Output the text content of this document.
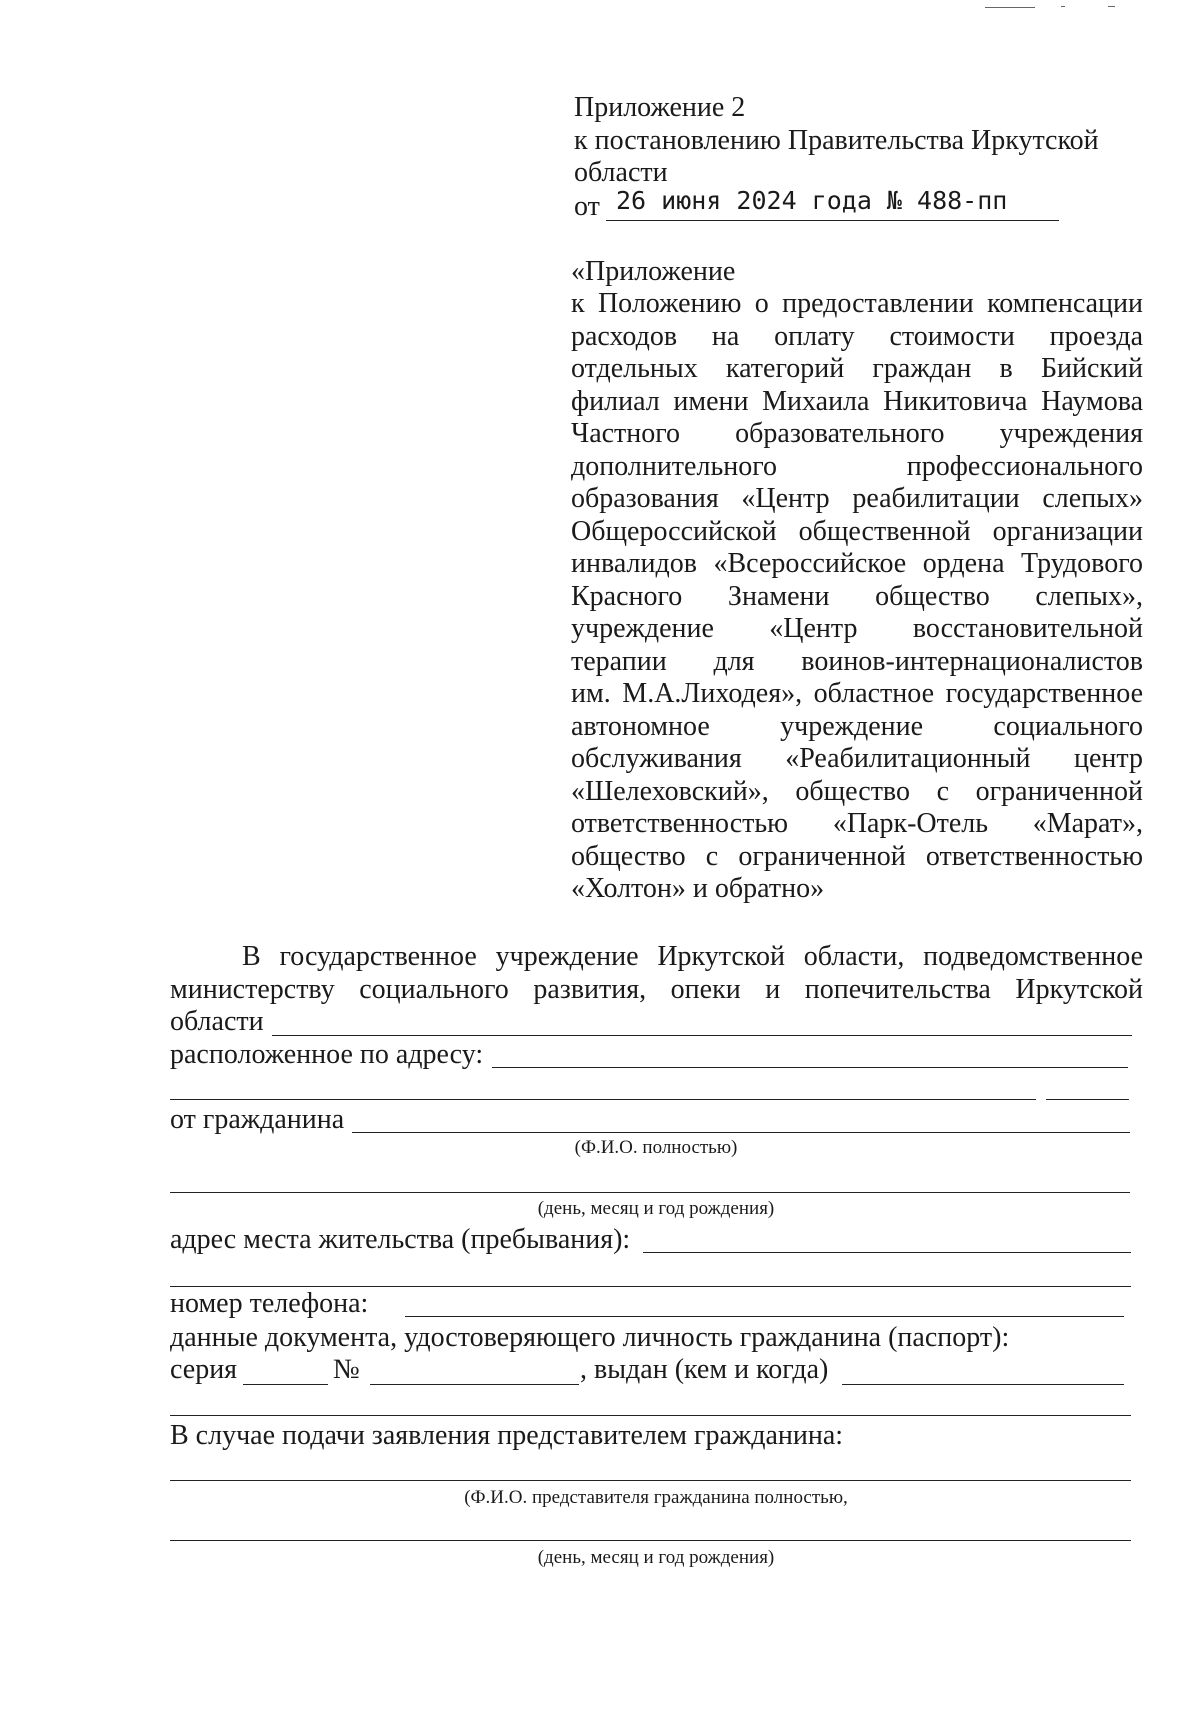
Приложение 2
к постановлению Правительства Иркутской
области
от 26 июня 2024 года № 488-пп
«Приложение
к Положению о предоставлении компенсации
расходов на оплату стоимости проезда
отдельных категорий граждан в Бийский
филиал имени Михаила Никитовича Наумова
Частного образовательного учреждения
дополнительного профессионального
образования «Центр реабилитации слепых»
Общероссийской общественной организации
инвалидов «Всероссийское ордена Трудового
Красного Знамени общество слепых»,
учреждение «Центр восстановительной
терапии для воинов-интернационалистов
им. М.А.Лиходея», областное государственное
автономное учреждение социального
обслуживания «Реабилитационный центр
«Шелеховский», общество с ограниченной
ответственностью «Парк-Отель «Марат»,
общество с ограниченной ответственностью
«Холтон» и обратно»
В государственное учреждение Иркутской области, подведомственное
министерству социального развития, опеки и попечительства Иркутской
области
расположенное по адресу:
от гражданина
(Ф.И.О. полностью)
(день, месяц и год рождения)
адрес места жительства (пребывания):
номер телефона:
данные документа, удостоверяющего личность гражданина (паспорт):
серия	№	, выдан (кем и когда)
В случае подачи заявления представителем гражданина:
(Ф.И.О. представителя гражданина полностью,
(день, месяц и год рождения)
